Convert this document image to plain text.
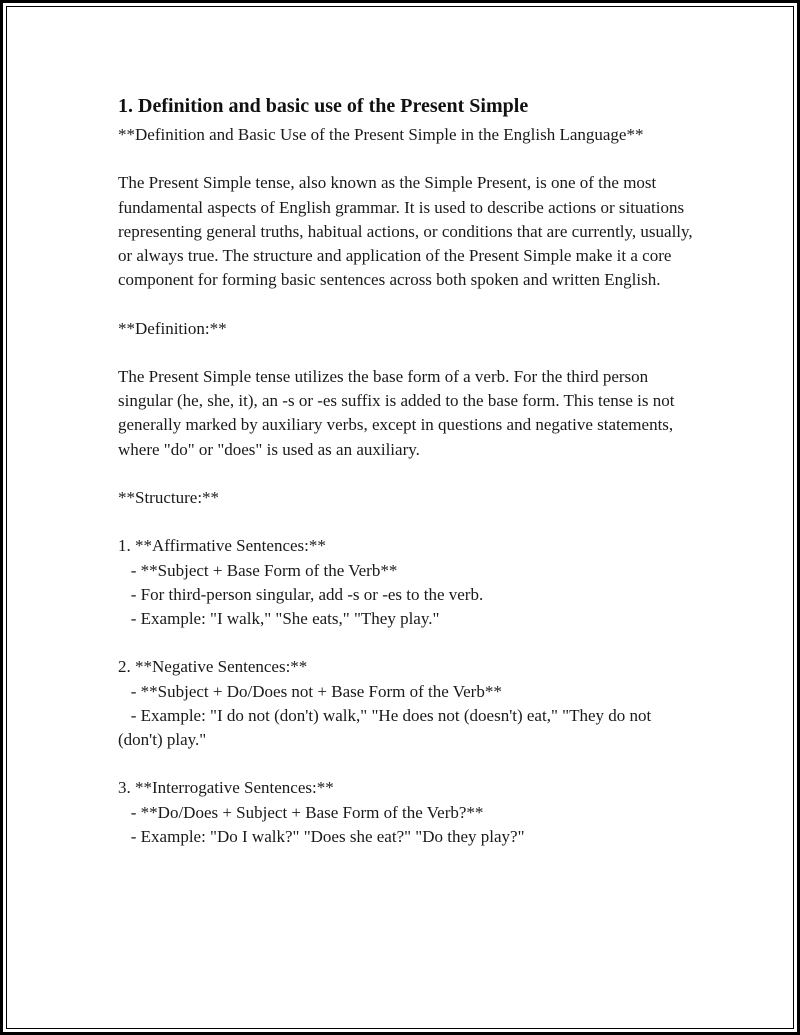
1. Definition and basic use of the Present Simple

**Definition and Basic Use of the Present Simple in the English Language**

The Present Simple tense, also known as the Simple Present, is one of the most fundamental aspects of English grammar. It is used to describe actions or situations representing general truths, habitual actions, or conditions that are currently, usually, or always true. The structure and application of the Present Simple make it a core component for forming basic sentences across both spoken and written English.

**Definition:**

The Present Simple tense utilizes the base form of a verb. For the third person singular (he, she, it), an -s or -es suffix is added to the base form. This tense is not generally marked by auxiliary verbs, except in questions and negative statements, where "do" or "does" is used as an auxiliary.

**Structure:**

1. **Affirmative Sentences:**
- **Subject + Base Form of the Verb**
- For third-person singular, add -s or -es to the verb.
- Example: "I walk," "She eats," "They play."

2. **Negative Sentences:**
- **Subject + Do/Does not + Base Form of the Verb**
- Example: "I do not (don't) walk," "He does not (doesn't) eat," "They do not (don't) play."

3. **Interrogative Sentences:**
- **Do/Does + Subject + Base Form of the Verb?**
- Example: "Do I walk?" "Does she eat?" "Do they play?"
